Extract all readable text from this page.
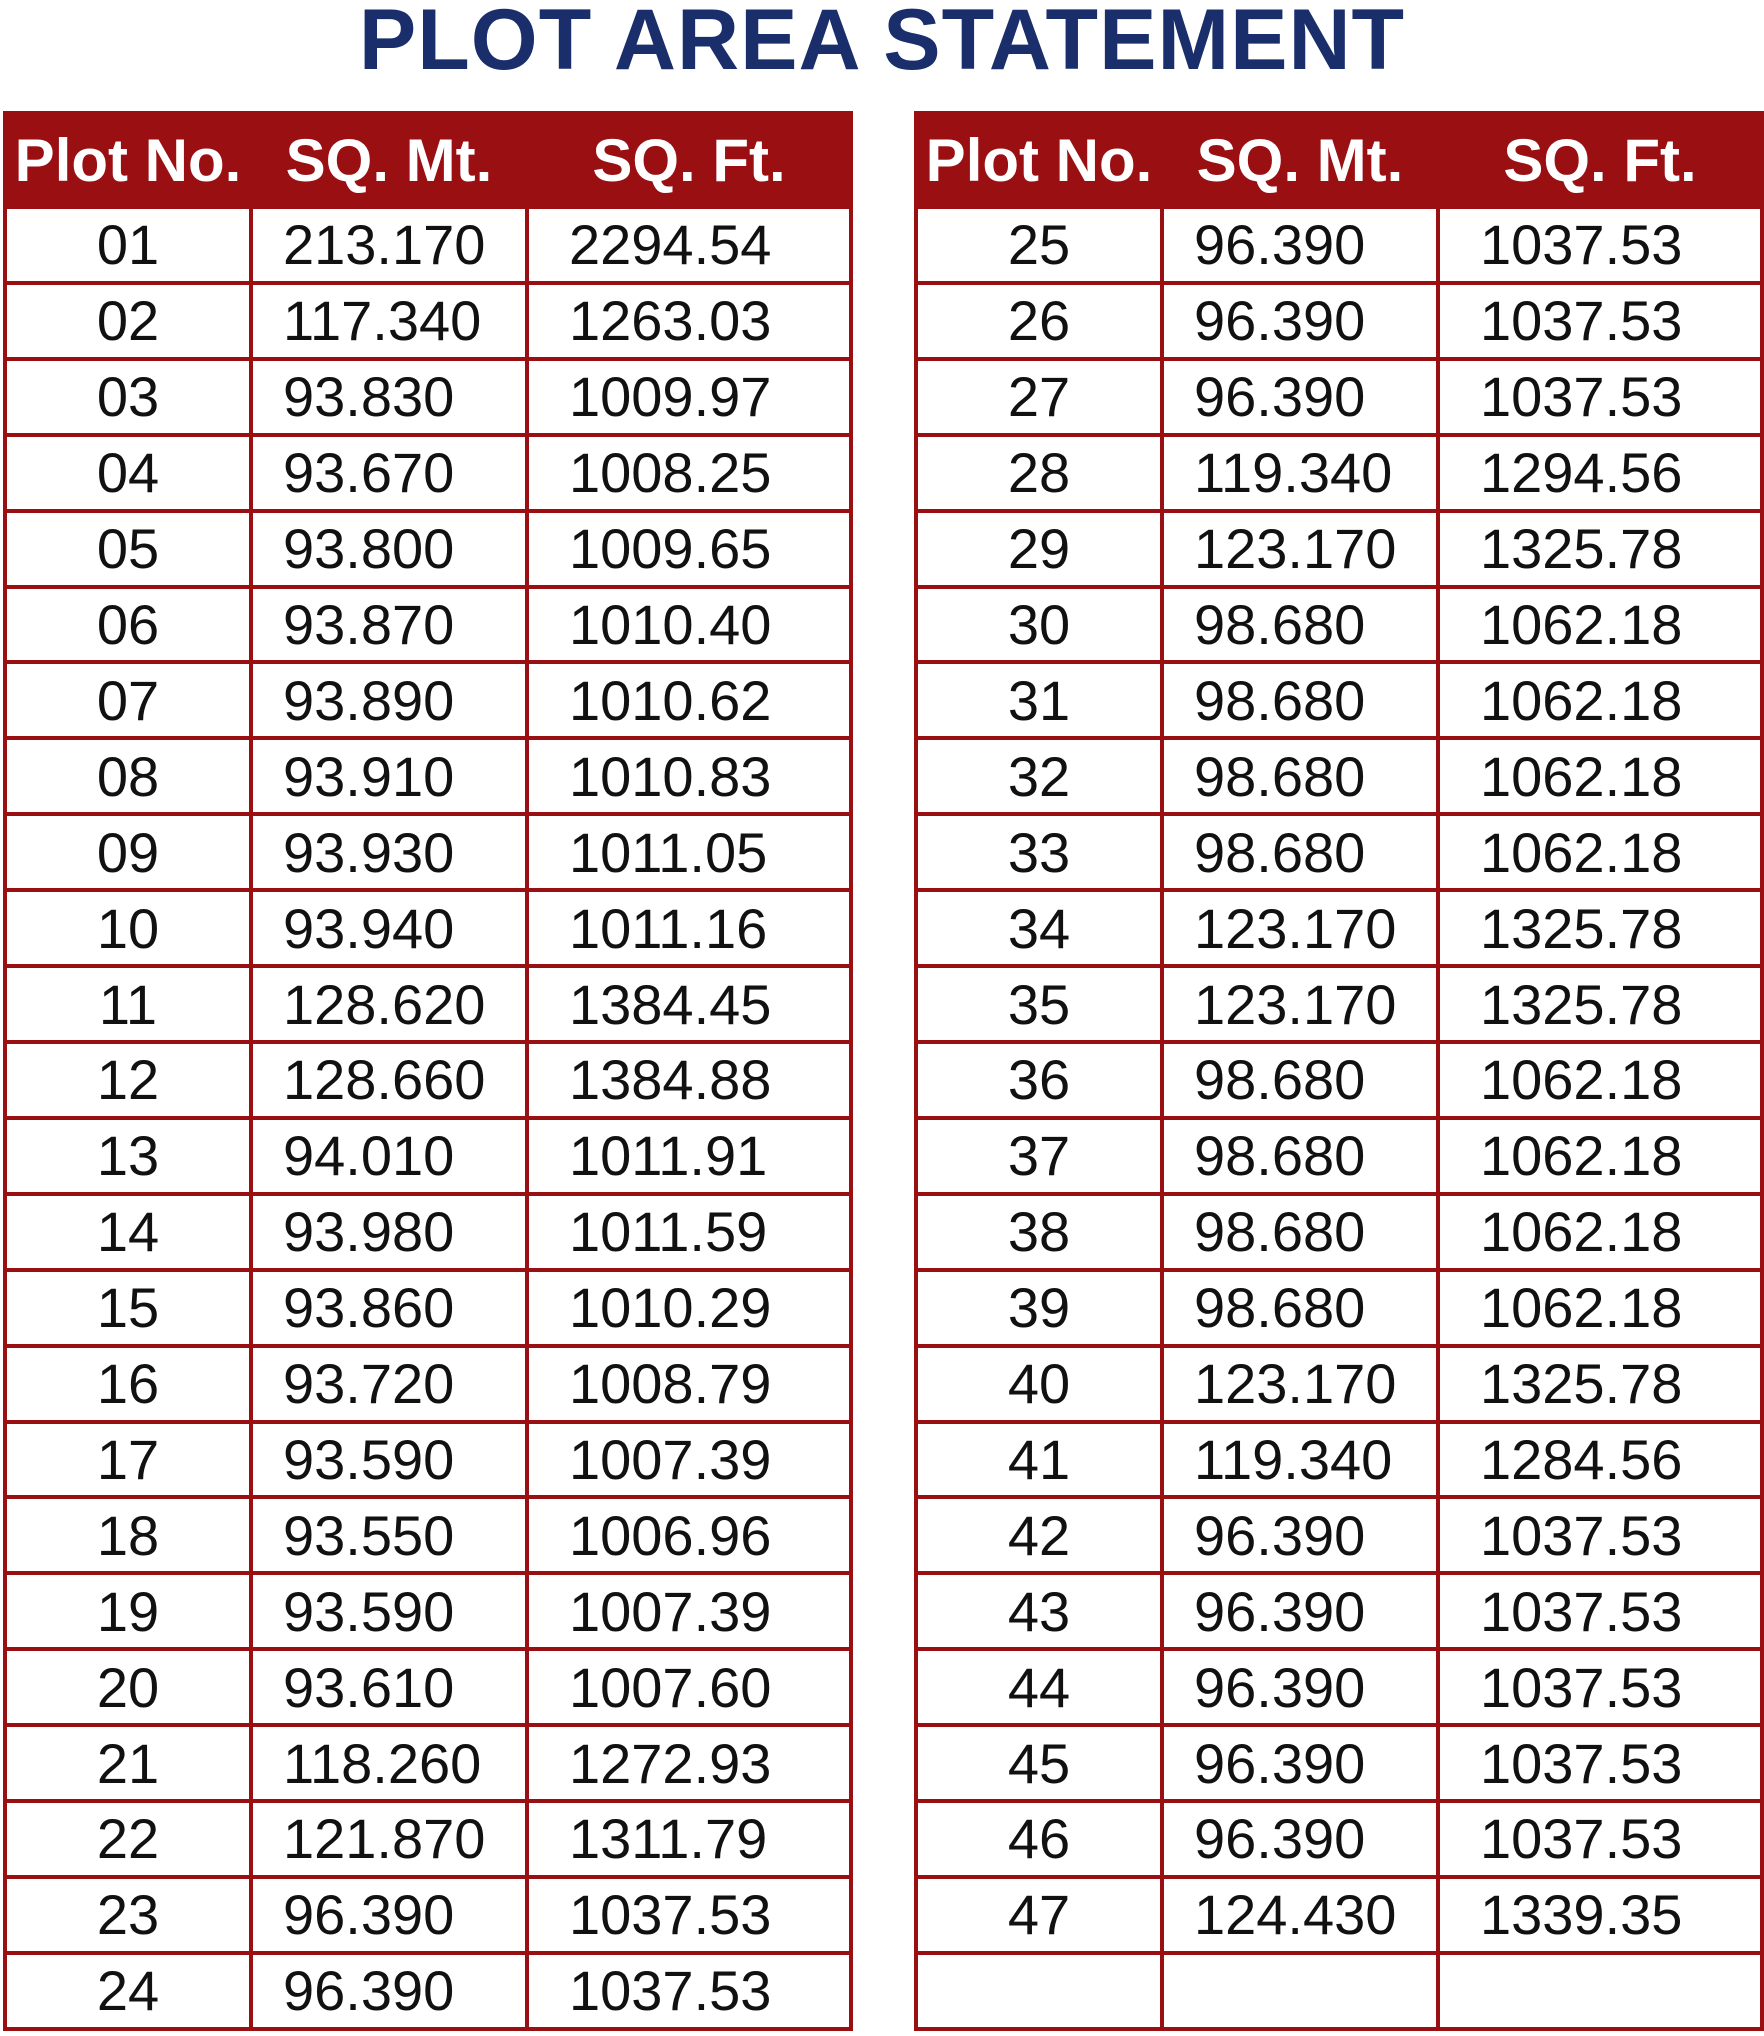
PLOT AREA STATEMENT
Plot No.	SQ. Mt.	SQ. Ft.
01	213.170	2294.54
02	117.340	1263.03
03	93.830	1009.97
04	93.670	1008.25
05	93.800	1009.65
06	93.870	1010.40
07	93.890	1010.62
08	93.910	1010.83
09	93.930	1011.05
10	93.940	1011.16
11	128.620	1384.45
12	128.660	1384.88
13	94.010	1011.91
14	93.980	1011.59
15	93.860	1010.29
16	93.720	1008.79
17	93.590	1007.39
18	93.550	1006.96
19	93.590	1007.39
20	93.610	1007.60
21	118.260	1272.93
22	121.870	1311.79
23	96.390	1037.53
24	96.390	1037.53
Plot No.	SQ. Mt.	SQ. Ft.
25	96.390	1037.53
26	96.390	1037.53
27	96.390	1037.53
28	119.340	1294.56
29	123.170	1325.78
30	98.680	1062.18
31	98.680	1062.18
32	98.680	1062.18
33	98.680	1062.18
34	123.170	1325.78
35	123.170	1325.78
36	98.680	1062.18
37	98.680	1062.18
38	98.680	1062.18
39	98.680	1062.18
40	123.170	1325.78
41	119.340	1284.56
42	96.390	1037.53
43	96.390	1037.53
44	96.390	1037.53
45	96.390	1037.53
46	96.390	1037.53
47	124.430	1339.35
